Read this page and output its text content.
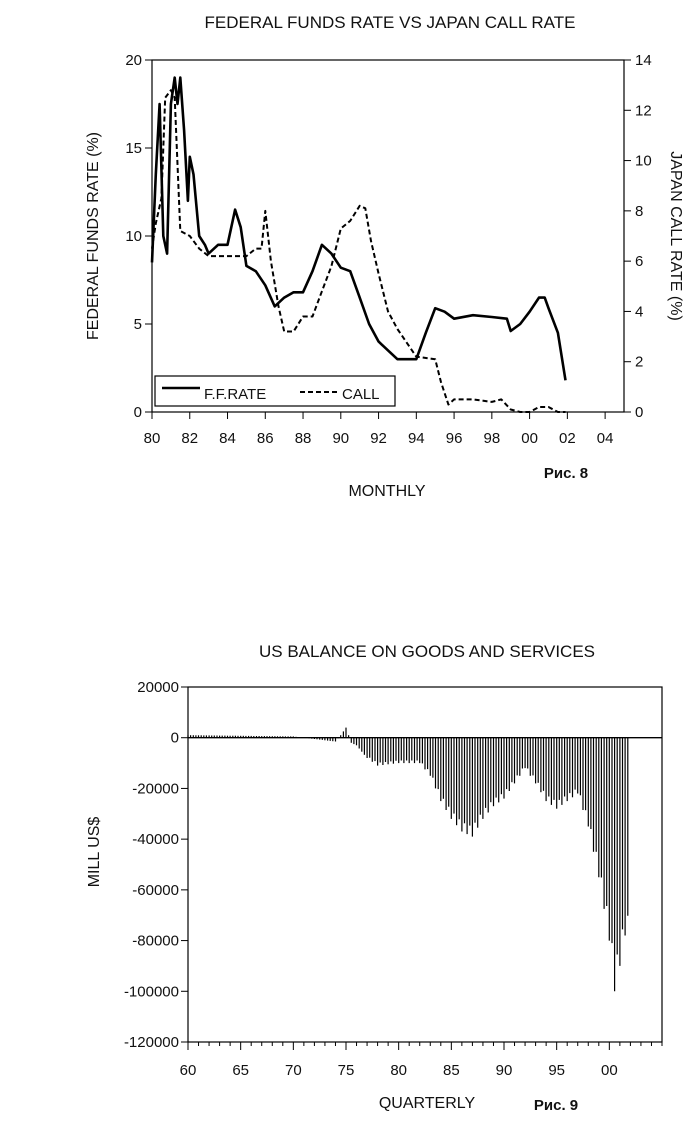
FEDERAL FUNDS RATE VS JAPAN CALL RATE
80 82 84 86 88 90 92 94 96 98 00 02 04
0
5
10
15
20
0
2
4
6
8
10
12
14
FEDERAL FUNDS RATE (%)	JAPAN CALL RATE (%)
MONTHLY
Рис. 8
F.F.RATE	CALL
US BALANCE ON GOODS AND SERVICES
60 65 70 75 80 85 90 95 00
20000
0
-20000
-40000
-60000
-80000
-100000
-120000
MILL US$
QUARTERLY	Рис. 9
